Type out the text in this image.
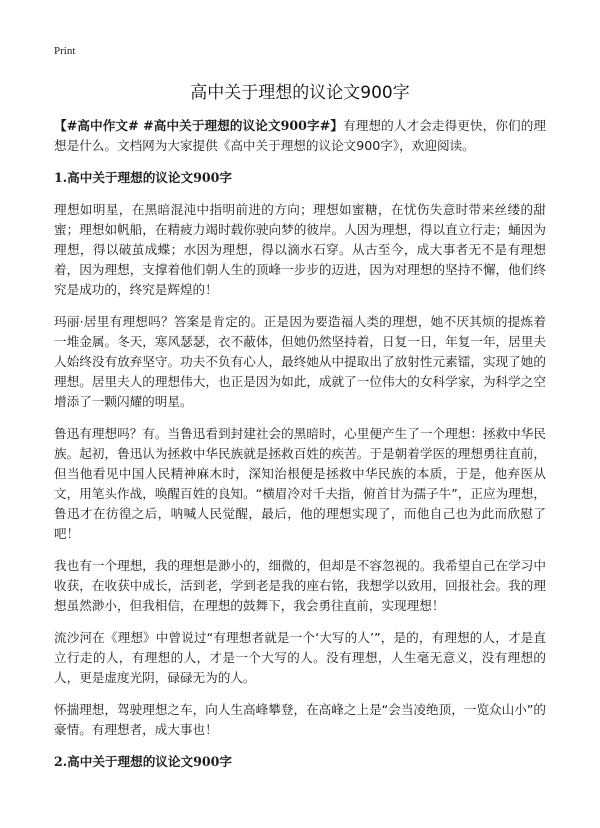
Print
高中关于理想的议论文900字

【#高中作文# #高中关于理想的议论文900字#】有理想的人才会走得更快，你们的理想是什么。文档网为大家提供《高中关于理想的议论文900字》，欢迎阅读。

1.高中关于理想的议论文900字

理想如明星，在黑暗混沌中指明前进的方向；理想如蜜糖，在忧伤失意时带来丝缕的甜蜜；理想如帆船，在精疲力竭时载你驶向梦的彼岸。人因为理想，得以直立行走；蛹因为理想，得以破茧成蝶；水因为理想，得以滴水石穿。从古至今，成大事者无不是有理想着，因为理想，支撑着他们朝人生的顶峰一步步的迈进，因为对理想的坚持不懈，他们终究是成功的，终究是辉煌的！

玛丽·居里有理想吗？答案是肯定的。正是因为要造福人类的理想，她不厌其烦的提炼着一堆金属。冬天，寒风瑟瑟，衣不蔽体，但她仍然坚持着，日复一日，年复一年，居里夫人始终没有放弃坚守。功夫不负有心人，最终她从中提取出了放射性元素镭，实现了她的理想。居里夫人的理想伟大，也正是因为如此，成就了一位伟大的女科学家，为科学之空增添了一颗闪耀的明星。

鲁迅有理想吗？有。当鲁迅看到封建社会的黑暗时，心里便产生了一个理想：拯救中华民族。起初，鲁迅认为拯救中华民族就是拯救百姓的疾苦。于是朝着学医的理想勇往直前，但当他看见中国人民精神麻木时，深知治根便是拯救中华民族的本质，于是，他弃医从文，用笔头作战，唤醒百姓的良知。“横眉冷对千夫指，俯首甘为孺子牛”，正应为理想，鲁迅才在彷徨之后，呐喊人民觉醒，最后，他的理想实现了，而他自己也为此而欣慰了吧！

我也有一个理想，我的理想是渺小的，细微的，但却是不容忽视的。我希望自己在学习中收获，在收获中成长，活到老，学到老是我的座右铭，我想学以致用，回报社会。我的理想虽然渺小，但我相信，在理想的鼓舞下，我会勇往直前，实现理想！

流沙河在《理想》中曾说过“有理想者就是一个‘大写的人’”，是的，有理想的人，才是直立行走的人，有理想的人，才是一个大写的人。没有理想，人生毫无意义，没有理想的人，更是虚度光阴，碌碌无为的人。

怀揣理想，驾驶理想之车，向人生高峰攀登，在高峰之上是“会当凌绝顶，一览众山小”的豪情。有理想者，成大事也！

2.高中关于理想的议论文900字
